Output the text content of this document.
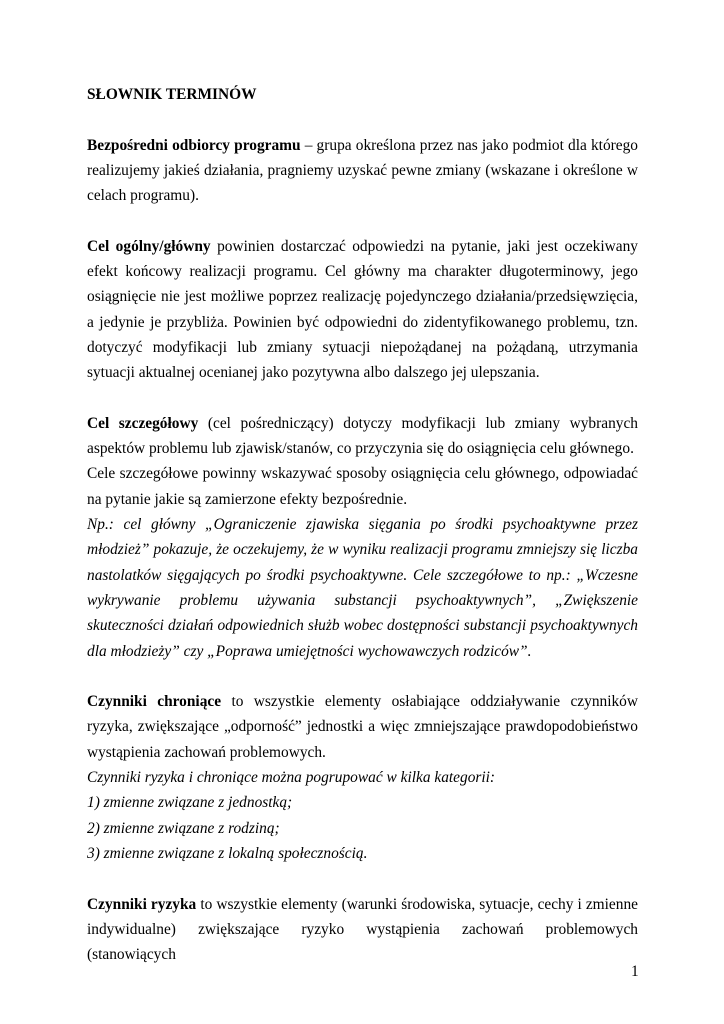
SŁOWNIK TERMINÓW

Bezpośredni odbiorcy programu – grupa określona przez nas jako podmiot dla którego realizujemy jakieś działania, pragniemy uzyskać pewne zmiany (wskazane i określone w celach programu).

Cel ogólny/główny powinien dostarczać odpowiedzi na pytanie, jaki jest oczekiwany efekt końcowy realizacji programu. Cel główny ma charakter długoterminowy, jego osiągnięcie nie jest możliwe poprzez realizację pojedynczego działania/przedsięwzięcia, a jedynie je przybliża. Powinien być odpowiedni do zidentyfikowanego problemu, tzn. dotyczyć modyfikacji lub zmiany sytuacji niepożądanej na pożądaną, utrzymania sytuacji aktualnej ocenianej jako pozytywna albo dalszego jej ulepszania.

Cel szczegółowy (cel pośredniczący) dotyczy modyfikacji lub zmiany wybranych aspektów problemu lub zjawisk/stanów, co przyczynia się do osiągnięcia celu głównego.

Cele szczegółowe powinny wskazywać sposoby osiągnięcia celu głównego, odpowiadać na pytanie jakie są zamierzone efekty bezpośrednie.

Np.: cel główny „Ograniczenie zjawiska sięgania po środki psychoaktywne przez młodzież” pokazuje, że oczekujemy, że w wyniku realizacji programu zmniejszy się liczba nastolatków sięgających po środki psychoaktywne. Cele szczegółowe to np.: „Wczesne wykrywanie problemu używania substancji psychoaktywnych”, „Zwiększenie skuteczności działań odpowiednich służb wobec dostępności substancji psychoaktywnych dla młodzieży” czy „Poprawa umiejętności wychowawczych rodziców”.

Czynniki chroniące to wszystkie elementy osłabiające oddziaływanie czynników ryzyka, zwiększające „odporność” jednostki a więc zmniejszające prawdopodobieństwo wystąpienia zachowań problemowych.

Czynniki ryzyka i chroniące można pogrupować w kilka kategorii:

1) zmienne związane z jednostką;

2) zmienne związane z rodziną;

3) zmienne związane z lokalną społecznością.

Czynniki ryzyka to wszystkie elementy (warunki środowiska, sytuacje, cechy i zmienne indywidualne) zwiększające ryzyko wystąpienia zachowań problemowych (stanowiących

1
